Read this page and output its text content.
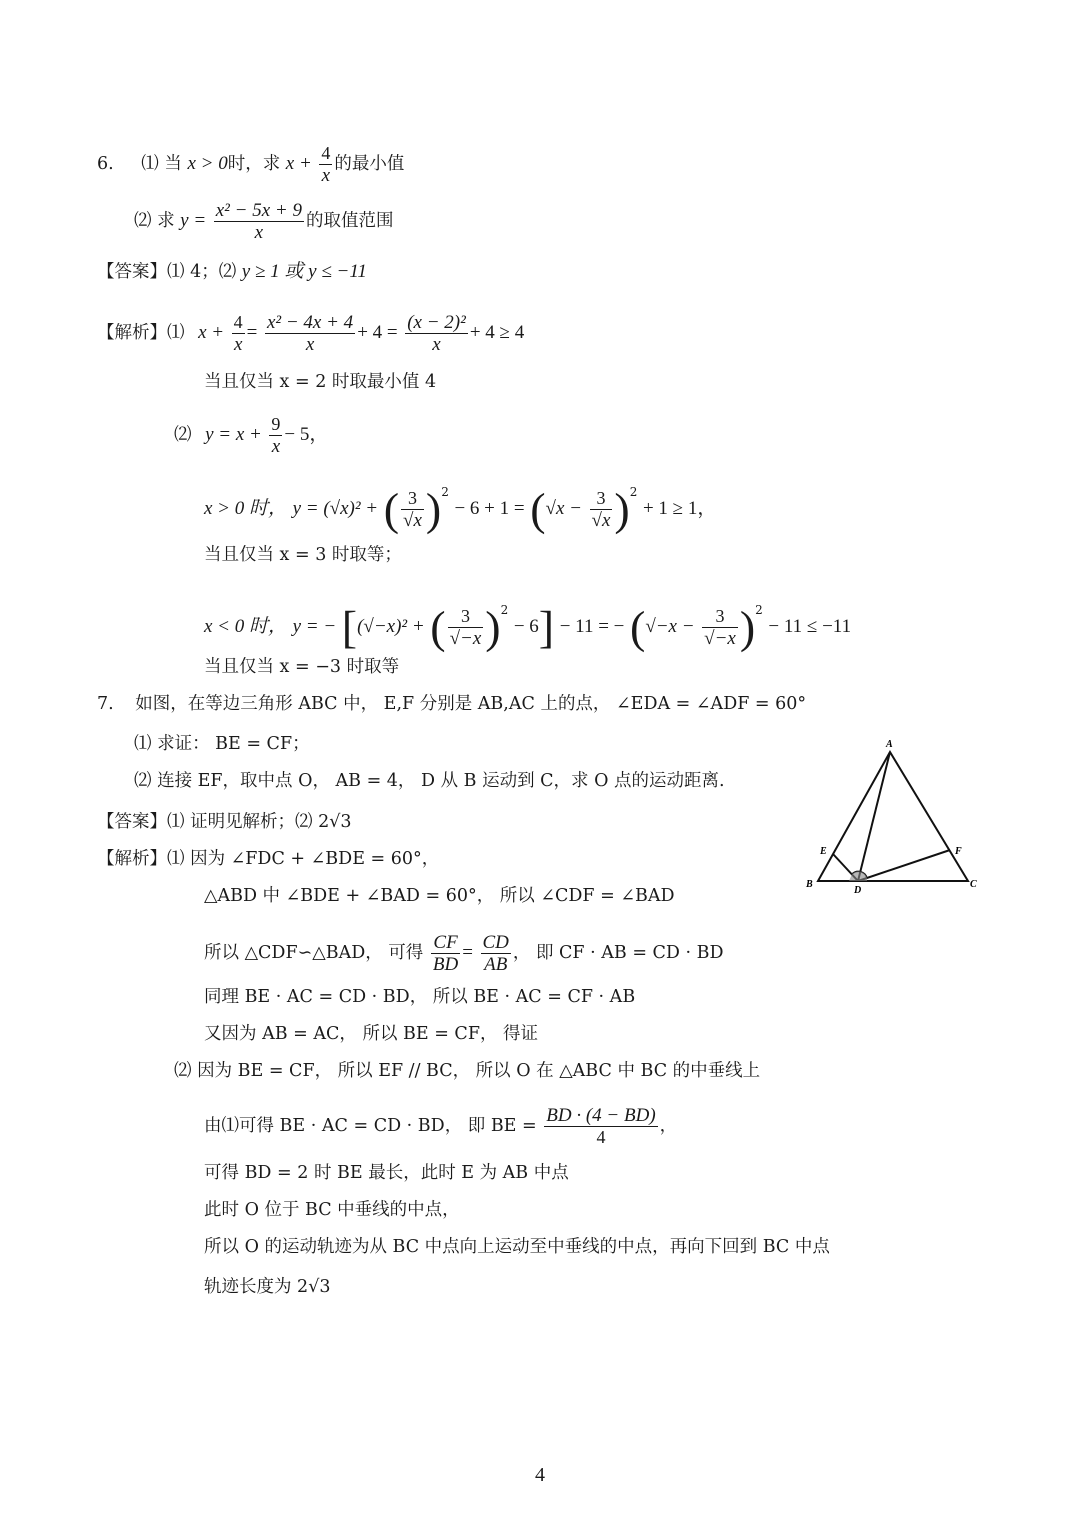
6. ⑴ 当 x > 0时，求 $x + \frac{4}{x}$ 的最小值
⑵ 求 $y = \frac{\text{x² − 5x + 9}}{x}$ 的取值范围
【答案】⑴ 4；⑵ y ≥ 1 或 y ≤ −11
【解析】⑴ $x + \frac{4}{x} = \frac{\text{x² − 4x + 4}}{x} + 4 = \frac{\text{(x − 2)²}}{x} + 4 \ge 4$
当且仅当 x = 2 时取最小值 4
⑵ $y = x + \frac{9}{x} - 5$，
x > 0 时， y = (√x)² + ( $\frac{3}{√x} )^2 - 6 + 1 = (√x - \frac{3}{√x} )^2 + 1 \ge 1$，
当且仅当 x = 3 时取等；
x < 0 时， y = − [(√−x)² + ( $\frac{3}{√-x} )^2 - 6] - 11$ = − $(√-x - \frac{3}{√-x} )^2 - 11 \le -11$
当且仅当 x = −3 时取等
7. 如图，在等边三角形 ABC 中， E,F 分别是 AB,AC 上的点， ∠EDA = ∠ADF = 60°
⑴ 求证： BE = CF；
⑵ 连接 EF，取中点 O， AB = 4， D 从 B 运动到 C，求 O 点的运动距离.
【答案】⑴ 证明见解析；⑵ 2√3
【解析】⑴ 因为 ∠FDC + ∠BDE = 60°，
△ABD 中 ∠BDE + ∠BAD = 60°， 所以 ∠CDF = ∠BAD
所以 △CDF∽△BAD， 可得 $\frac{CF}{BD} = \frac{CD}{AB}$ ， 即 CF · AB = CD · BD
同理 BE · AC = CD · BD， 所以 BE · AC = CF · AB
又因为 AB = AC， 所以 BE = CF， 得证
⑵ 因为 BE = CF， 所以 EF // BC， 所以 O 在 △ABC 中 BC 的中垂线上
由⑴可得 BE · AC = CD · BD， 即 BE = $\frac{BD \cdot (4 - BD)}{4}$ ，
可得 BD = 2 时 BE 最长，此时 E 为 AB 中点
此时 O 位于 BC 中垂线的中点，
所以 O 的运动轨迹为从 BC 中点向上运动至中垂线的中点，再向下回到 BC 中点
轨迹长度为 2√3
A
B	C
D
E	F
4
